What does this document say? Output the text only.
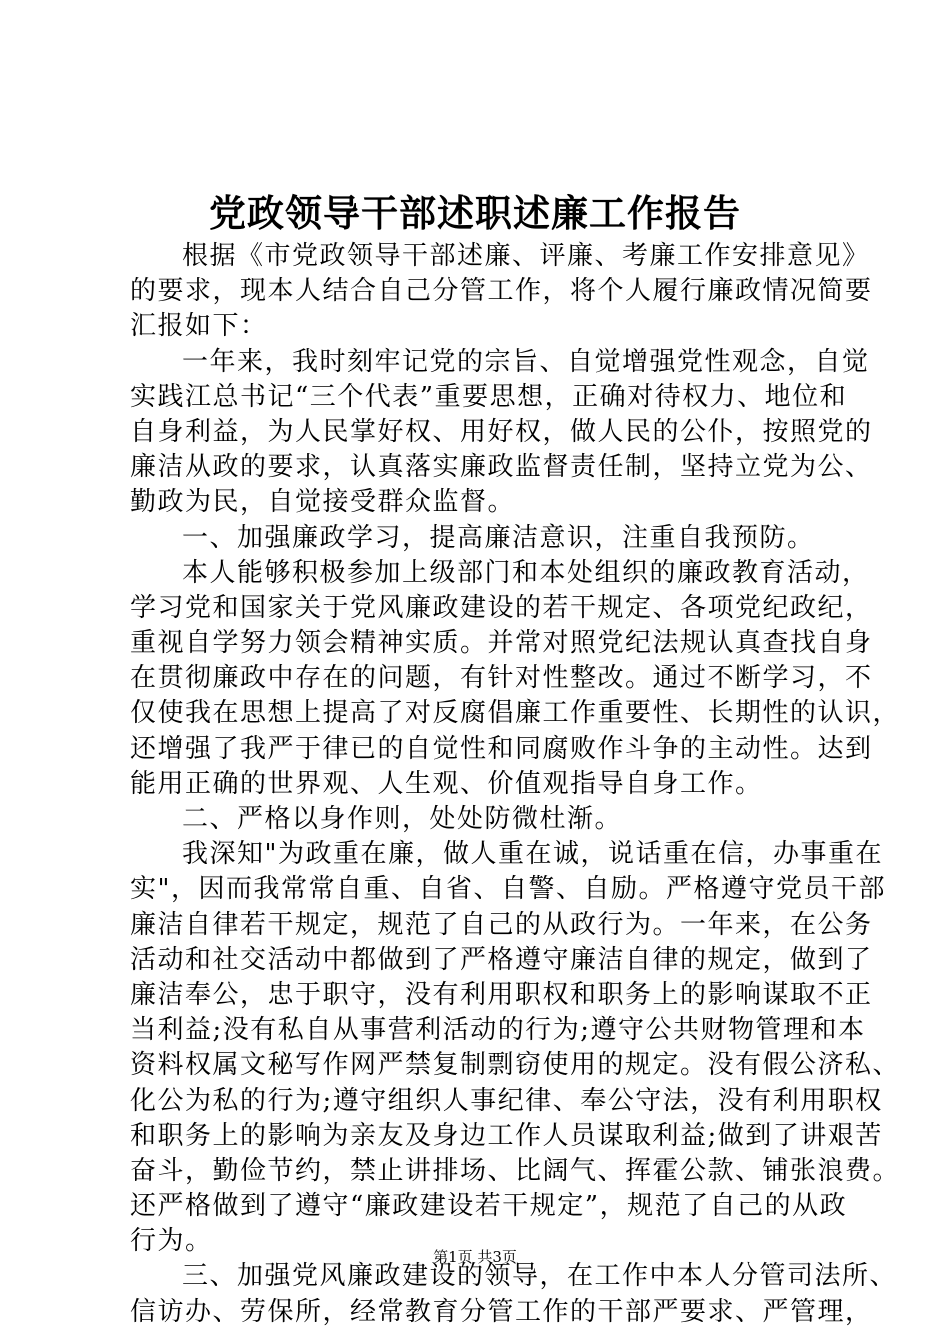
党政领导干部述职述廉工作报告
根据《市党政领导干部述廉、评廉、考廉工作安排意见》
的要求，现本人结合自己分管工作，将个人履行廉政情况简要
汇报如下：
一年来，我时刻牢记党的宗旨、自觉增强党性观念，自觉
实践江总书记“三个代表”重要思想，正确对待权力、地位和
自身利益，为人民掌好权、用好权，做人民的公仆，按照党的
廉洁从政的要求，认真落实廉政监督责任制，坚持立党为公、
勤政为民，自觉接受群众监督。
一、加强廉政学习，提高廉洁意识，注重自我预防。
本人能够积极参加上级部门和本处组织的廉政教育活动，
学习党和国家关于党风廉政建设的若干规定、各项党纪政纪，
重视自学努力领会精神实质。并常对照党纪法规认真查找自身
在贯彻廉政中存在的问题，有针对性整改。通过不断学习，不
仅使我在思想上提高了对反腐倡廉工作重要性、长期性的认识，
还增强了我严于律已的自觉性和同腐败作斗争的主动性。达到
能用正确的世界观、人生观、价值观指导自身工作。
二、严格以身作则，处处防微杜渐。
我深知"为政重在廉，做人重在诚，说话重在信，办事重在
实"，因而我常常自重、自省、自警、自励。严格遵守党员干部
廉洁自律若干规定，规范了自己的从政行为。一年来，在公务
活动和社交活动中都做到了严格遵守廉洁自律的规定，做到了
廉洁奉公，忠于职守，没有利用职权和职务上的影响谋取不正
当利益;没有私自从事营利活动的行为;遵守公共财物管理和本
资料权属文秘写作网严禁复制剽窃使用的规定。没有假公济私、
化公为私的行为;遵守组织人事纪律、奉公守法，没有利用职权
和职务上的影响为亲友及身边工作人员谋取利益;做到了讲艰苦
奋斗，勤俭节约，禁止讲排场、比阔气、挥霍公款、铺张浪费。
还严格做到了遵守“廉政建设若干规定”，规范了自己的从政
行为。
三、加强党风廉政建设的领导，在工作中本人分管司法所、
信访办、劳保所，经常教育分管工作的干部严要求、严管理，
第1页 共3页
